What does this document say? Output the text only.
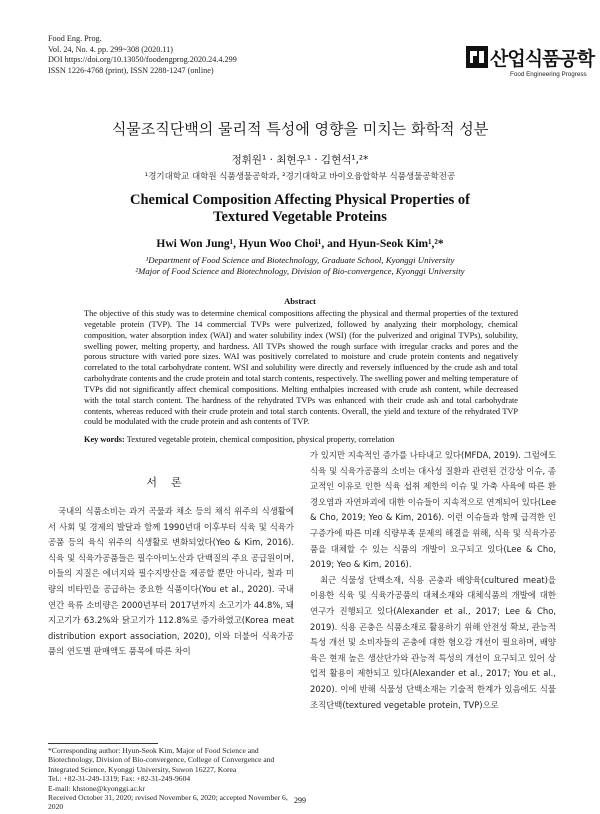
Food Eng. Prog.
Vol. 24, No. 4. pp. 299~308 (2020.11)
DOI https://doi.org/10.13050/foodengprog.2020.24.4.299
ISSN 1226-4768 (print), ISSN 2288-1247 (online)	산업식품공학
Food Engineering Progress
식물조직단백의 물리적 특성에 영향을 미치는 화학적 성분
정휘원¹ · 최현우¹ · 김현석¹,²*
¹경기대학교 대학원 식품생물공학과, ²경기대학교 바이오융합학부 식품생물공학전공
Chemical Composition Affecting Physical Properties of
Textured Vegetable Proteins
Hwi Won Jung¹, Hyun Woo Choi¹, and Hyun-Seok Kim¹,²*
¹Department of Food Science and Biotechnology, Graduate School, Kyonggi University
²Major of Food Science and Biotechnology, Division of Bio-convergence, Kyonggi University
Abstract
The objective of this study was to determine chemical compositions affecting the physical and thermal properties of the textured vegetable protein (TVP). The 14 commercial TVPs were pulverized, followed by analyzing their morphology, chemical composition, water absorption index (WAI) and water solubility index (WSI) (for the pulverized and original TVPs), solubility, swelling power, melting property, and hardness. All TVPs showed the rough surface with irregular cracks and pores and the porous structure with varied pore sizes. WAI was positively correlated to moisture and crude protein contents and negatively correlated to the total carbohydrate content. WSI and solubility were directly and reversely influenced by the crude ash and total carbohydrate contents and the crude protein and total starch contents, respectively. The swelling power and melting temperature of TVPs did not significantly affect chemical compositions. Melting enthalpies increased with crude ash content, while decreased with the total starch content. The hardness of the rehydrated TVPs was enhanced with their crude ash and total carbohydrate contents, whereas reduced with their crude protein and total starch contents. Overall, the yield and texture of the rehydrated TVP could be modulated with the crude protein and ash contents of TVP.
Key words: Textured vegetable protein, chemical composition, physical property, correlation
서론

국내의 식품소비는 과거 곡물과 채소 등의 채식 위주의 식생활에서 사회 및 경제의 발달과 함께 1990년대 이후부터 식육 및 식육가공품 등의 육식 위주의 식생활로 변화되었다(Yeo & Kim, 2016). 식육 및 식육가공품들은 필수아미노산과 단백질의 주요 공급원이며, 이들의 지질은 에너지와 필수지방산을 제공할 뿐만 아니라, 철과 미량의 비타민을 공급하는 중요한 식품이다(You et al., 2020). 국내 연간 육류 소비량은 2000년부터 2017년까지 소고기가 44.8%, 돼지고기가 63.2%와 닭고기가 112.8%로 증가하였고(Korea meat distribution export association, 2020), 이와 더불어 식육가공품의 연도별 판매액도 품목에 따른 차이

가 있지만 지속적인 증가를 나타내고 있다(MFDA, 2019). 그럼에도 식육 및 식육가공품의 소비는 대사성 질환과 관련된 건강상 이슈, 종교적인 이유로 인한 식육 섭취 제한의 이슈 및 가축 사육에 따른 환경오염과 자연파괴에 대한 이슈들이 지속적으로 연계되어 있다(Lee & Cho, 2019; Yeo & Kim, 2016). 이런 이슈들과 함께 급격한 인구증가에 따른 미래 식량부족 문제의 해결을 위해, 식육 및 식육가공품을 대체할 수 있는 식품의 개발이 요구되고 있다(Lee & Cho, 2019; Yeo & Kim, 2016).

최근 식물성 단백소재, 식용 곤충과 배양육(cultured meat)을 이용한 식육 및 식육가공품의 대체소재와 대체식품의 개발에 대한 연구가 진행되고 있다(Alexander et al., 2017; Lee & Cho, 2019). 식용 곤충은 식품소재로 활용하기 위해 안전성 확보, 관능적 특성 개선 및 소비자들의 곤충에 대한 혐오감 개선이 필요하며, 배양육은 현재 높은 생산단가와 관능적 특성의 개선이 요구되고 있어 상업적 활용이 제한되고 있다(Alexander et al., 2017; You et al., 2020). 이에 반해 식물성 단백소재는 기술적 한계가 있음에도 식물조직단백(textured vegetable protein, TVP)으로

*Corresponding author: Hyun-Seok Kim, Major of Food Science and Biotechnology, Division of Bio-convergence, College of Convergence and Integrated Science, Kyonggi University, Suwon 16227, Korea
Tel.: +82-31-249-1319; Fax: +82-31-249-9604
E-mail: khstone@kyonggi.ac.kr
Received October 31, 2020; revised November 6, 2020; accepted November 6, 2020
299
